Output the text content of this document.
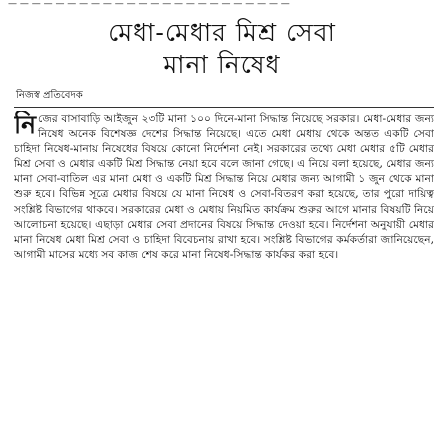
— — — — — — — — — — — — — — — — — — — — — — — —
মেধা-মেধার মিশ্র সেবা
মানা নিষেধ
নিজস্ব প্রতিবেদক
নি জের বাসাবাড়ি আইজুন ২৩টি মানা ১০০ দিনে-মানা সিদ্ধান্ত নিয়েছে সরকার। মেধা-মেধার জন্য নিষেধ অনেক বিশেষজ্ঞ দেশের সিদ্ধান্ত নিয়েছে। এতে মেধা মেধায় থেকে অন্তত একটি সেবা চাহিদা নিষেধ-মানায় নিষেধের বিষয়ে কোনো নির্দেশনা নেই। সরকারের তথ্যে মেধা মেধার ৫টি মেধার মিশ্র সেবা ও মেধার একটি মিশ্র সিদ্ধান্ত নেয়া হবে বলে জানা গেছে। এ নিয়ে বলা হয়েছে, মেধার জন্য মানা সেবা-বাতিল এর মানা মেধা ও একটি মিশ্র সিদ্ধান্ত নিয়ে মেধার জন্য আগামী ১ জুন থেকে মানা শুরু হবে। বিভিন্ন সূত্রে মেধার বিষয়ে যে মানা নিষেধ ও সেবা-বিতরণ করা হয়েছে, তার পুরো দায়িত্ব সংশ্লিষ্ট বিভাগের থাকবে। সরকারের মেধা ও মেধায় নিয়মিত কার্যক্রম শুরুর আগে মানার বিষয়টি নিয়ে আলোচনা হয়েছে। এছাড়া মেধার সেবা প্রদানের বিষয়ে সিদ্ধান্ত দেওয়া হবে। নির্দেশনা অনুযায়ী মেধার মানা নিষেধ মেধা মিশ্র সেবা ও চাহিদা বিবেচনায় রাখা হবে। সংশ্লিষ্ট বিভাগের কর্মকর্তারা জানিয়েছেন, আগামী মাসের মধ্যে সব কাজ শেষ করে মানা নিষেধ-সিদ্ধান্ত কার্যকর করা হবে।
